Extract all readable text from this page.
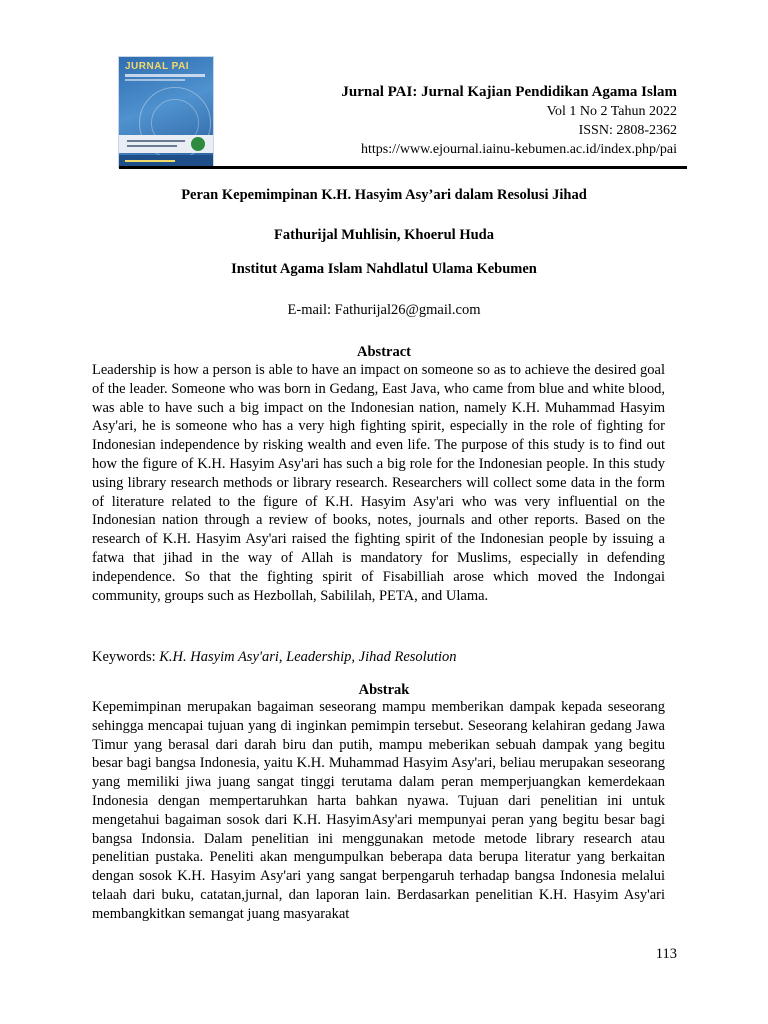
JURNAL PAI
Jurnal PAI: Jurnal Kajian Pendidikan Agama Islam
Vol 1 No 2 Tahun 2022
ISSN: 2808-2362
https://www.ejournal.iainu-kebumen.ac.id/index.php/pai
Peran Kepemimpinan K.H. Hasyim Asy’ari dalam Resolusi Jihad
Fathurijal Muhlisin, Khoerul Huda
Institut Agama Islam Nahdlatul Ulama Kebumen
E-mail: Fathurijal26@gmail.com
Abstract

Leadership is how a person is able to have an impact on someone so as to achieve the desired goal of the leader. Someone who was born in Gedang, East Java, who came from blue and white blood, was able to have such a big impact on the Indonesian nation, namely K.H. Muhammad Hasyim Asy'ari, he is someone who has a very high fighting spirit, especially in the role of fighting for Indonesian independence by risking wealth and even life. The purpose of this study is to find out how the figure of K.H. Hasyim Asy'ari has such a big role for the Indonesian people. In this study using library research methods or library research. Researchers will collect some data in the form of literature related to the figure of K.H. Hasyim Asy'ari who was very influential on the Indonesian nation through a review of books, notes, journals and other reports. Based on the research of K.H. Hasyim Asy'ari raised the fighting spirit of the Indonesian people by issuing a fatwa that jihad in the way of Allah is mandatory for Muslims, especially in defending independence. So that the fighting spirit of Fisabilliah arose which moved the Indongai community, groups such as Hezbollah, Sabililah, PETA, and Ulama.

Keywords: K.H. Hasyim Asy'ari, Leadership, Jihad Resolution
Abstrak

Kepemimpinan merupakan bagaiman seseorang mampu memberikan dampak kepada seseorang sehingga mencapai tujuan yang di inginkan pemimpin tersebut. Seseorang kelahiran gedang Jawa Timur yang berasal dari darah biru dan putih, mampu meberikan sebuah dampak yang begitu besar bagi bangsa Indonesia, yaitu K.H. Muhammad Hasyim Asy'ari, beliau merupakan seseorang yang memiliki jiwa juang sangat tinggi terutama dalam peran memperjuangkan kemerdekaan Indonesia dengan mempertaruhkan harta bahkan nyawa. Tujuan dari penelitian ini untuk mengetahui bagaiman sosok dari K.H. HasyimAsy'ari mempunyai peran yang begitu besar bagi bangsa Indonsia. Dalam penelitian ini menggunakan metode metode library research atau penelitian pustaka. Peneliti akan mengumpulkan beberapa data berupa literatur yang berkaitan dengan sosok K.H. Hasyim Asy'ari yang sangat berpengaruh terhadap bangsa Indonesia melalui telaah dari buku, catatan,jurnal, dan laporan lain. Berdasarkan penelitian K.H. Hasyim Asy'ari membangkitkan semangat juang masyarakat

113
